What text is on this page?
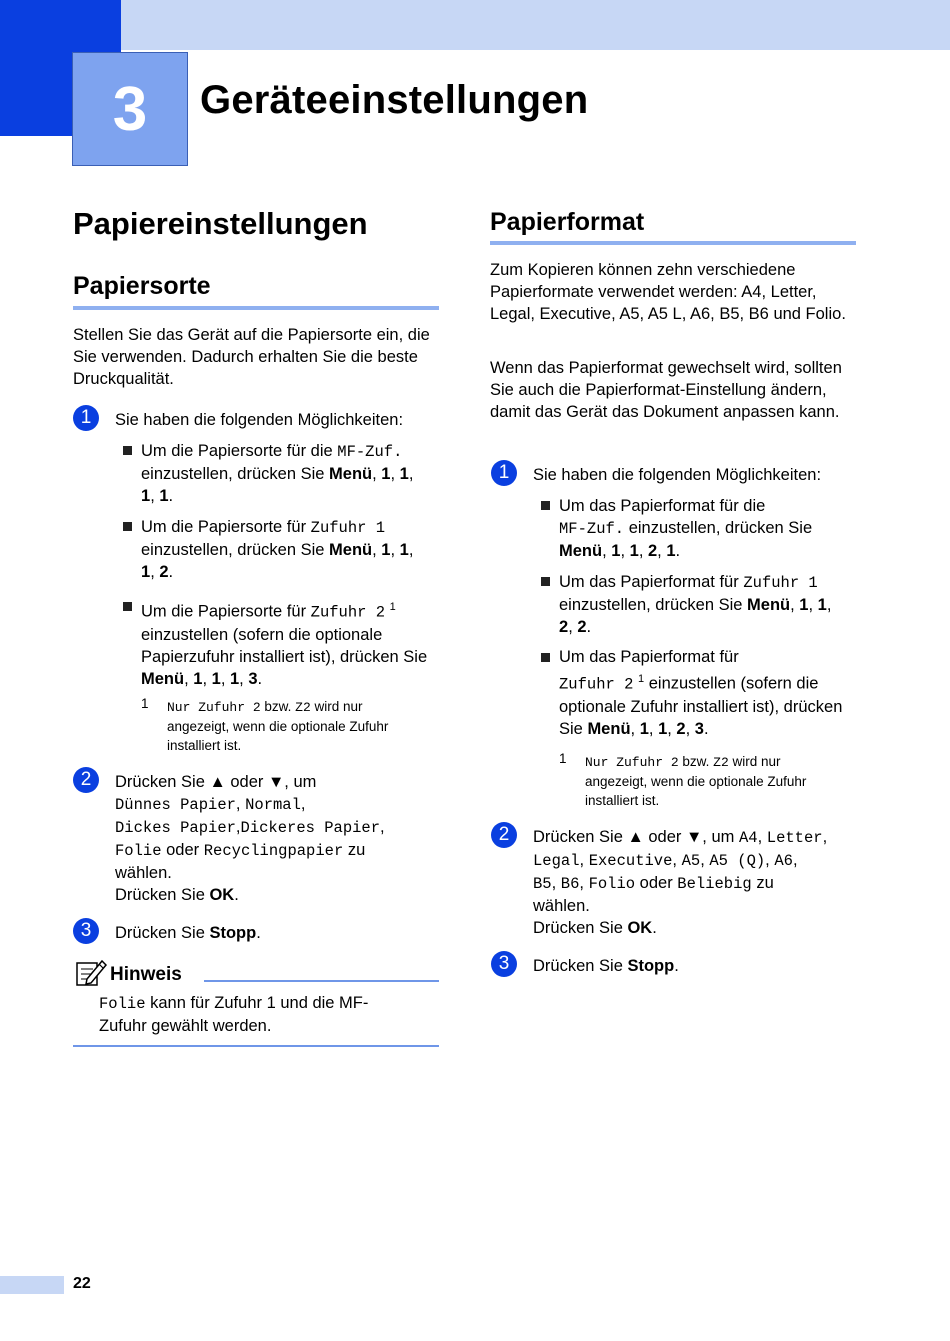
3 Geräteeinstellungen
Papiereinstellungen
Papiersorte
Stellen Sie das Gerät auf die Papiersorte ein, die Sie verwenden. Dadurch erhalten Sie die beste Druckqualität.
1	Sie haben die folgenden Möglichkeiten:
Um die Papiersorte für die MF-Zuf.
einzustellen, drücken Sie Menü, 1, 1,
1, 1.
Um die Papiersorte für Zufuhr 1
einzustellen, drücken Sie Menü, 1, 1,
1, 2.
Um die Papiersorte für Zufuhr 2 $^1$
einzustellen (sofern die optionale Papierzufuhr installiert ist), drücken Sie Menü, 1, 1, 1, 3.
1 Nur Zufuhr 2 bzw. Z2 wird nur angezeigt, wenn die optionale Zufuhr installiert ist.
2	Drücken Sie ▲ oder ▼, um
Dünnes Papier, Normal,
Dickes Papier,Dickeres Papier,
Folie oder Recyclingpapier zu
wählen.
Drücken Sie OK.
3	Drücken Sie Stopp.
Hinweis
Folie kann für Zufuhr 1 und die MF-
Zufuhr gewählt werden.
Papierformat
Zum Kopieren können zehn verschiedene Papierformate verwendet werden: A4, Letter, Legal, Executive, A5, A5 L, A6, B5, B6 und Folio.
Wenn das Papierformat gewechselt wird, sollten Sie auch die Papierformat-Einstellung ändern, damit das Gerät das Dokument anpassen kann.
1	Sie haben die folgenden Möglichkeiten:
Um das Papierformat für die
MF-Zuf. einzustellen, drücken Sie
Menü, 1, 1, 2, 1.
Um das Papierformat für Zufuhr 1
einzustellen, drücken Sie Menü, 1, 1,
2, 2.
Um das Papierformat für
Zufuhr 2 $^1$ einzustellen (sofern die optionale Zufuhr installiert ist), drücken Sie Menü, 1, 1, 2, 3.
1 Nur Zufuhr 2 bzw. Z2 wird nur angezeigt, wenn die optionale Zufuhr installiert ist.
2	Drücken Sie ▲ oder ▼, um A4, Letter,
Legal, Executive, A5, A5 (Q), A6,
B5, B6, Folio oder Beliebig zu
wählen.
Drücken Sie OK.
3	Drücken Sie Stopp.
22
